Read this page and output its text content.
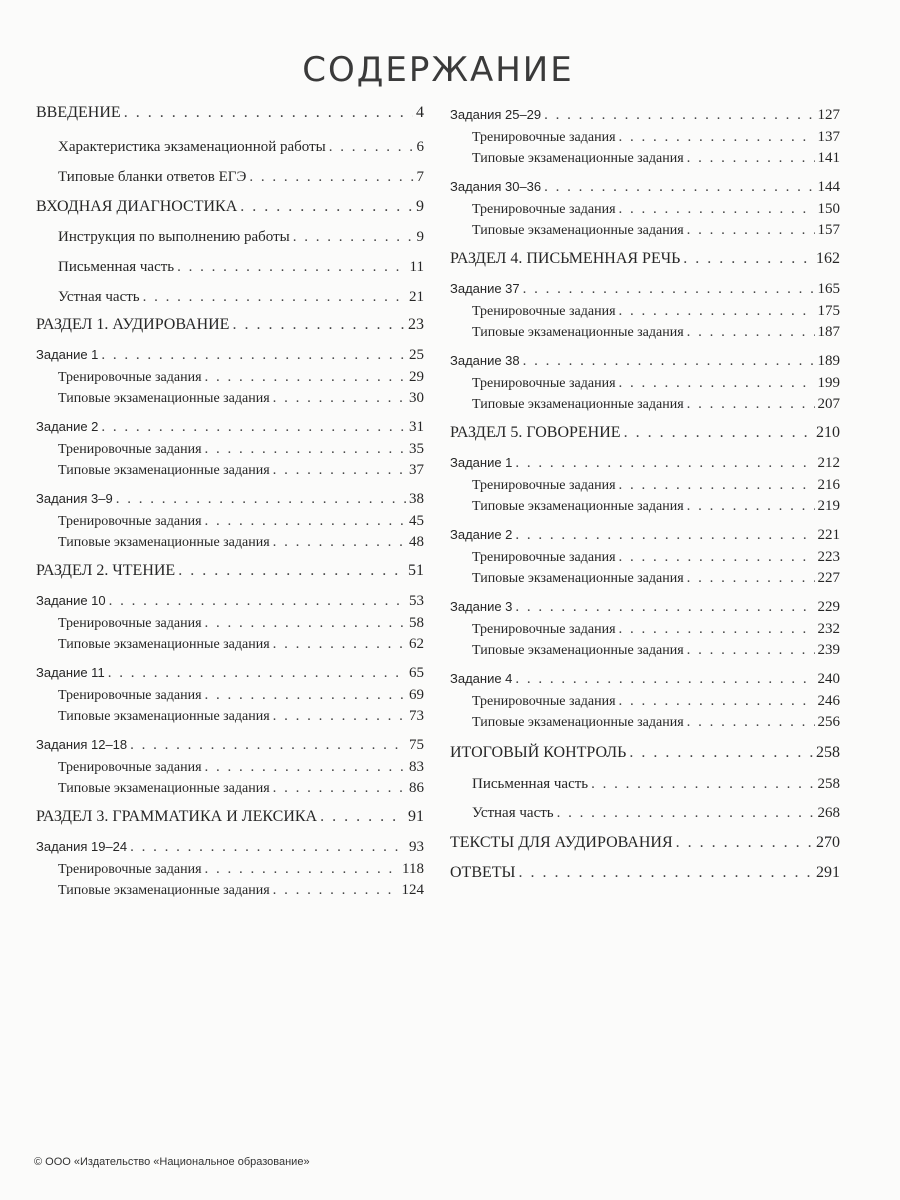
СОДЕРЖАНИЕ
ВВЕДЕНИЕ . . .	4
Характеристика экзаменационной работы . . .	6
Типовые бланки ответов ЕГЭ . . .	7
ВХОДНАЯ ДИАГНОСТИКА . . .	9
Инструкция по выполнению работы . . .	9
Письменная часть . . .	11
Устная часть . . .	21
РАЗДЕЛ 1. АУДИРОВАНИЕ . . .	23
Задание 1 . . .	25
Тренировочные задания . . .	29
Типовые экзаменационные задания . . .	30
Задание 2 . . .	31
Тренировочные задания . . .	35
Типовые экзаменационные задания . . .	37
Задания 3–9 . . .	38
Тренировочные задания . . .	45
Типовые экзаменационные задания . . .	48
РАЗДЕЛ 2. ЧТЕНИЕ . . .	51
Задание 10 . . .	53
Тренировочные задания . . .	58
Типовые экзаменационные задания . . .	62
Задание 11 . . .	65
Тренировочные задания . . .	69
Типовые экзаменационные задания . . .	73
Задания 12–18 . . .	75
Тренировочные задания . . .	83
Типовые экзаменационные задания . . .	86
РАЗДЕЛ 3. ГРАММАТИКА И ЛЕКСИКА . . .	91
Задания 19–24 . . .	93
Тренировочные задания . . .	118
Типовые экзаменационные задания . . .	124
Задания 25–29 . . .	127
Тренировочные задания . . .	137
Типовые экзаменационные задания . . .	141
Задания 30–36 . . .	144
Тренировочные задания . . .	150
Типовые экзаменационные задания . . .	157
РАЗДЕЛ 4. ПИСЬМЕННАЯ РЕЧЬ . . .	162
Задание 37 . . .	165
Тренировочные задания . . .	175
Типовые экзаменационные задания . . .	187
Задание 38 . . .	189
Тренировочные задания . . .	199
Типовые экзаменационные задания . . .	207
РАЗДЕЛ 5. ГОВОРЕНИЕ . . .	210
Задание 1 . . .	212
Тренировочные задания . . .	216
Типовые экзаменационные задания . . .	219
Задание 2 . . .	221
Тренировочные задания . . .	223
Типовые экзаменационные задания . . .	227
Задание 3 . . .	229
Тренировочные задания . . .	232
Типовые экзаменационные задания . . .	239
Задание 4 . . .	240
Тренировочные задания . . .	246
Типовые экзаменационные задания . . .	256
ИТОГОВЫЙ КОНТРОЛЬ . . .	258
Письменная часть . . .	258
Устная часть . . .	268
ТЕКСТЫ ДЛЯ АУДИРОВАНИЯ . . .	270
ОТВЕТЫ . . .	291
© ООО «Издательство «Национальное образование»
